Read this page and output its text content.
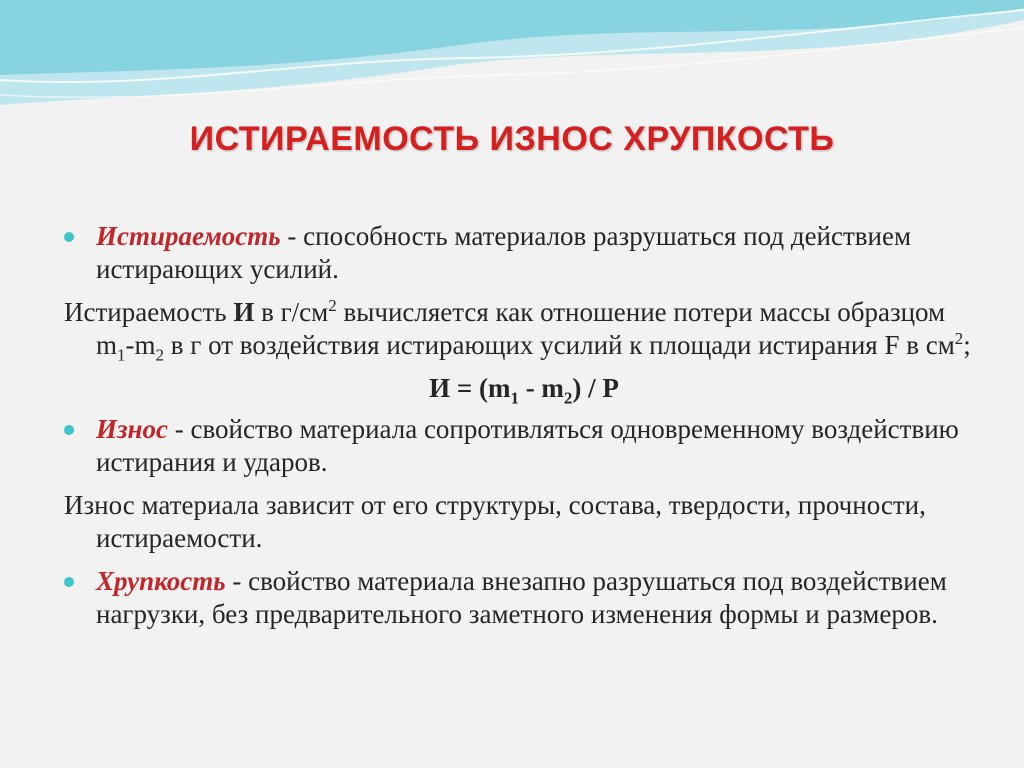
ИСТИРАЕМОСТЬ ИЗНОС ХРУПКОСТЬ
Истираемость - способность материалов разрушаться под действием истирающих усилий.
Истираемость И в $г/см^2$ вычисляется как отношение потери массы образцом $m_1-m_2$ в г от воздействия истирающих усилий к площади истирания F в $см^2$;
$И = (m_1 - m_2) / P$
Износ - свойство материала сопротивляться одновременному воздействию истирания и ударов.
Износ материала зависит от его структуры, состава, твердости, прочности, истираемости.
Хрупкость - свойство материала внезапно разрушаться под воздействием нагрузки, без предварительного заметного изменения формы и размеров.
